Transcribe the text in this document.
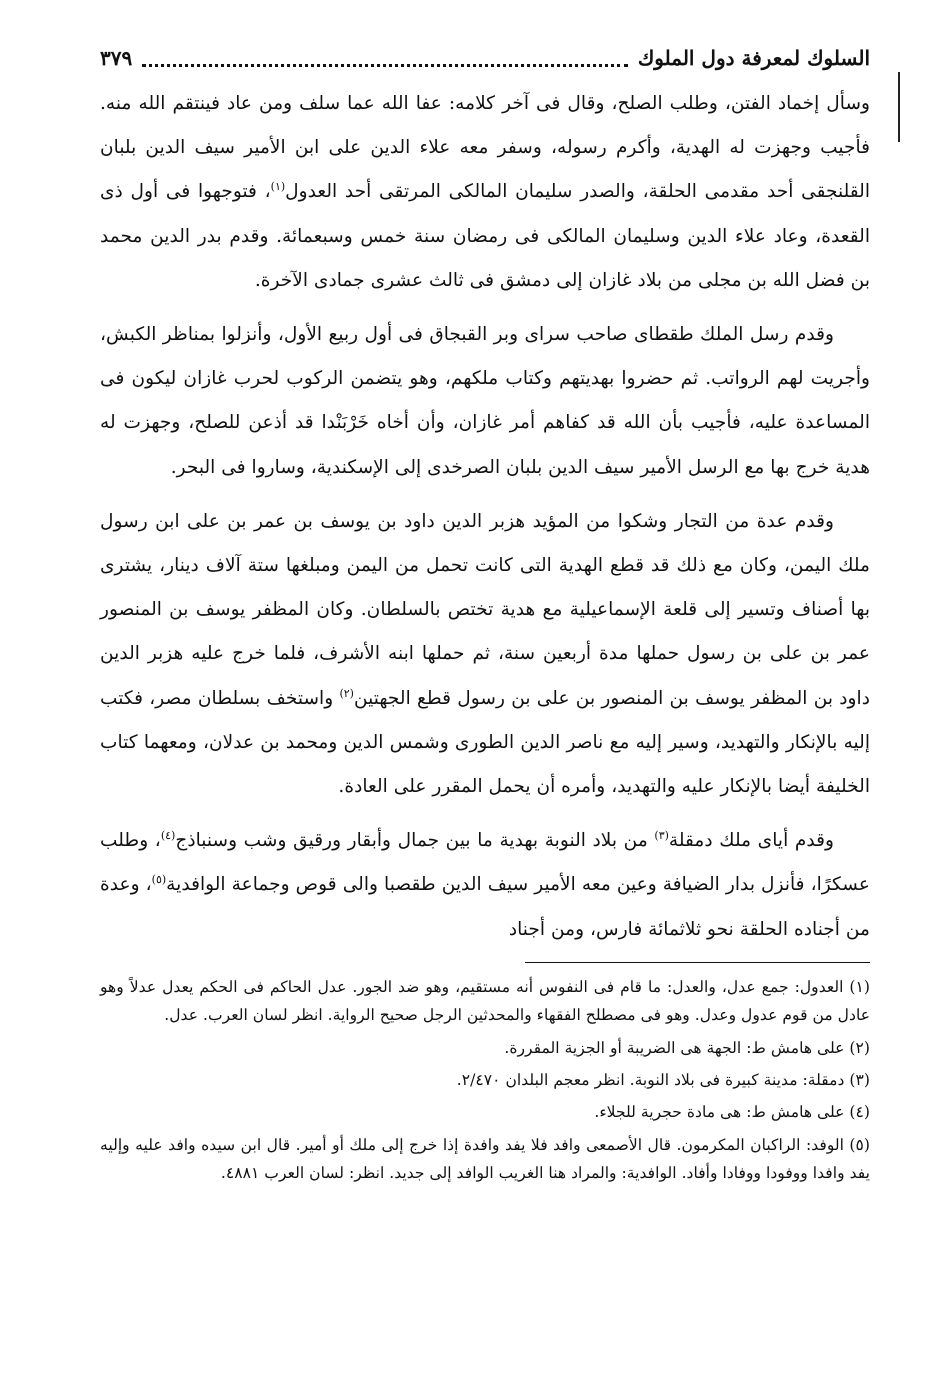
السلوك لمعرفة دول الملوك
٣٧٩

وسأل إخماد الفتن، وطلب الصلح، وقال فى آخر كلامه: عفا الله عما سلف ومن عاد فينتقم الله منه. فأجيب وجهزت له الهدية، وأكرم رسوله، وسفر معه علاء الدين على ابن الأمير سيف الدين بلبان القلنجقى أحد مقدمى الحلقة، والصدر سليمان المالكى المرتقى أحد العدول$^{(١)}$، فتوجهوا فى أول ذى القعدة، وعاد علاء الدين وسليمان المالكى فى رمضان سنة خمس وسبعمائة. وقدم بدر الدين محمد بن فضل الله بن مجلى من بلاد غازان إلى دمشق فى ثالث عشرى جمادى الآخرة.

وقدم رسل الملك طقطاى صاحب سراى وبر القبجاق فى أول ربيع الأول، وأنزلوا بمناظر الكبش، وأجريت لهم الرواتب. ثم حضروا بهديتهم وكتاب ملكهم، وهو يتضمن الركوب لحرب غازان ليكون فى المساعدة عليه، فأجيب بأن الله قد كفاهم أمر غازان، وأن أخاه خَرْبَنْدا قد أذعن للصلح، وجهزت له هدية خرج بها مع الرسل الأمير سيف الدين بلبان الصرخدى إلى الإسكندية، وساروا فى البحر.

وقدم عدة من التجار وشكوا من المؤيد هزبر الدين داود بن يوسف بن عمر بن على ابن رسول ملك اليمن، وكان مع ذلك قد قطع الهدية التى كانت تحمل من اليمن ومبلغها ستة آلاف دينار، يشترى بها أصناف وتسير إلى قلعة الإسماعيلية مع هدية تختص بالسلطان. وكان المظفر يوسف بن المنصور عمر بن على بن رسول حملها مدة أربعين سنة، ثم حملها ابنه الأشرف، فلما خرج عليه هزبر الدين داود بن المظفر يوسف بن المنصور بن على بن رسول قطع الجهتين$^{(٢)}$ واستخف بسلطان مصر، فكتب إليه بالإنكار والتهديد، وسير إليه مع ناصر الدين الطورى وشمس الدين ومحمد بن عدلان، ومعهما كتاب الخليفة أيضا بالإنكار عليه والتهديد، وأمره أن يحمل المقرر على العادة.

وقدم أياى ملك دمقلة$^{(٣)}$ من بلاد النوبة بهدية ما بين جمال وأبقار ورقيق وشب وسنباذج$^{(٤)}$، وطلب عسكرًا، فأنزل بدار الضيافة وعين معه الأمير سيف الدين طقصبا والى قوص وجماعة الوافدية$^{(٥)}$، وعدة من أجناده الحلقة نحو ثلاثمائة فارس، ومن أجناد

(١) العدول: جمع عدل، والعدل: ما قام فى النفوس أنه مستقيم، وهو ضد الجور. عدل الحاكم فى الحكم يعدل عدلاً وهو عادل من قوم عدول وعدل. وهو فى مصطلح الفقهاء والمحدثين الرجل صحيح الرواية. انظر لسان العرب. عدل.

(٢) على هامش ط: الجهة هى الضريبة أو الجزية المقررة.

(٣) دمقلة: مدينة كبيرة فى بلاد النوبة. انظر معجم البلدان ٢/٤٧٠.

(٤) على هامش ط: هى مادة حجرية للجلاء.

(٥) الوفد: الراكبان المكرمون. قال الأصمعى وافد فلا يفد وافدة إذا خرج إلى ملك أو أمير. قال ابن سيده وافد عليه وإليه يفد وافدا ووفودا ووفادا وأفاد. الوافدية: والمراد هنا الغريب الوافد إلى جديد. انظر: لسان العرب ٤٨٨١.
